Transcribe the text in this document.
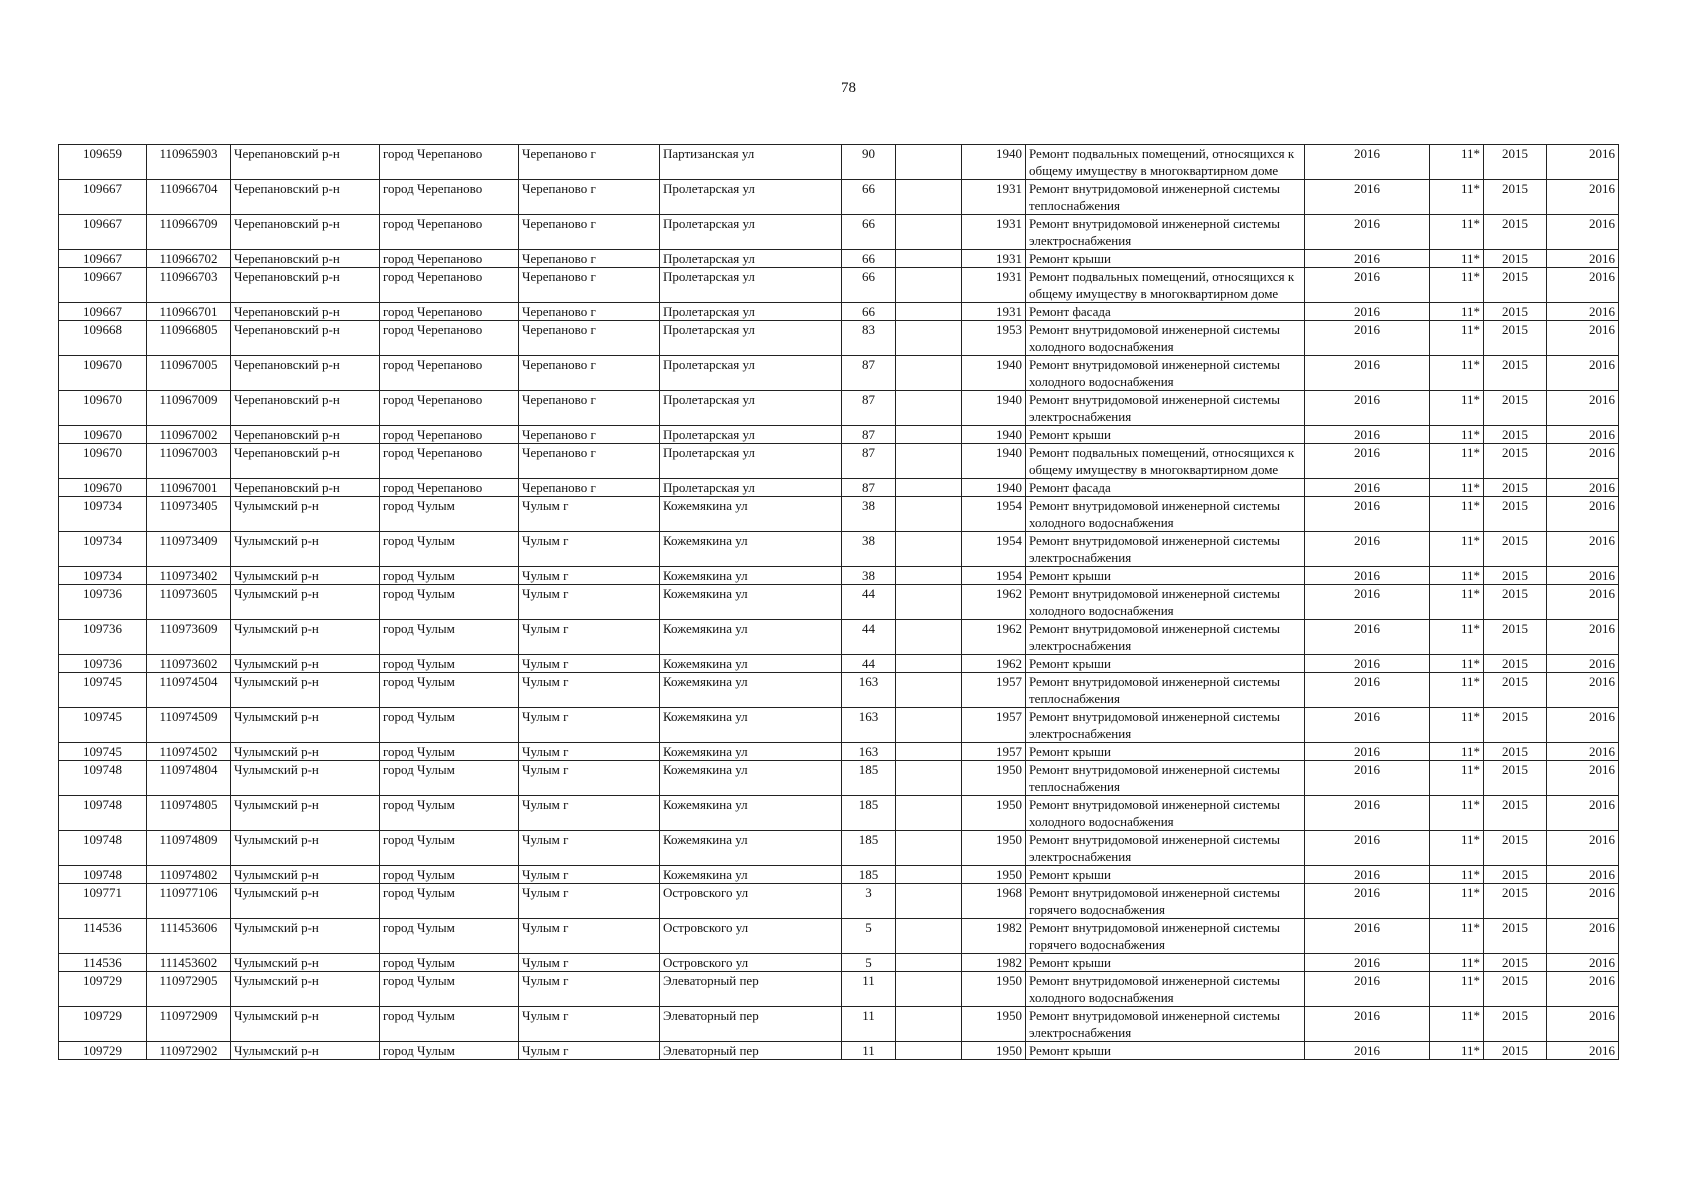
78
109659	110965903	Черепановский р-н	город Черепаново	Черепаново г	Партизанская ул	90		1940	Ремонт подвальных помещений, относящихся к общему имуществу в многоквартирном доме	2016	11*	2015	2016
109667	110966704	Черепановский р-н	город Черепаново	Черепаново г	Пролетарская ул	66		1931	Ремонт внутридомовой инженерной системы теплоснабжения	2016	11*	2015	2016
109667	110966709	Черепановский р-н	город Черепаново	Черепаново г	Пролетарская ул	66		1931	Ремонт внутридомовой инженерной системы электроснабжения	2016	11*	2015	2016
109667	110966702	Черепановский р-н	город Черепаново	Черепаново г	Пролетарская ул	66		1931	Ремонт крыши	2016	11*	2015	2016
109667	110966703	Черепановский р-н	город Черепаново	Черепаново г	Пролетарская ул	66		1931	Ремонт подвальных помещений, относящихся к общему имуществу в многоквартирном доме	2016	11*	2015	2016
109667	110966701	Черепановский р-н	город Черепаново	Черепаново г	Пролетарская ул	66		1931	Ремонт фасада	2016	11*	2015	2016
109668	110966805	Черепановский р-н	город Черепаново	Черепаново г	Пролетарская ул	83		1953	Ремонт внутридомовой инженерной системы холодного водоснабжения	2016	11*	2015	2016
109670	110967005	Черепановский р-н	город Черепаново	Черепаново г	Пролетарская ул	87		1940	Ремонт внутридомовой инженерной системы холодного водоснабжения	2016	11*	2015	2016
109670	110967009	Черепановский р-н	город Черепаново	Черепаново г	Пролетарская ул	87		1940	Ремонт внутридомовой инженерной системы электроснабжения	2016	11*	2015	2016
109670	110967002	Черепановский р-н	город Черепаново	Черепаново г	Пролетарская ул	87		1940	Ремонт крыши	2016	11*	2015	2016
109670	110967003	Черепановский р-н	город Черепаново	Черепаново г	Пролетарская ул	87		1940	Ремонт подвальных помещений, относящихся к общему имуществу в многоквартирном доме	2016	11*	2015	2016
109670	110967001	Черепановский р-н	город Черепаново	Черепаново г	Пролетарская ул	87		1940	Ремонт фасада	2016	11*	2015	2016
109734	110973405	Чулымский р-н	город Чулым	Чулым г	Кожемякина ул	38		1954	Ремонт внутридомовой инженерной системы холодного водоснабжения	2016	11*	2015	2016
109734	110973409	Чулымский р-н	город Чулым	Чулым г	Кожемякина ул	38		1954	Ремонт внутридомовой инженерной системы электроснабжения	2016	11*	2015	2016
109734	110973402	Чулымский р-н	город Чулым	Чулым г	Кожемякина ул	38		1954	Ремонт крыши	2016	11*	2015	2016
109736	110973605	Чулымский р-н	город Чулым	Чулым г	Кожемякина ул	44		1962	Ремонт внутридомовой инженерной системы холодного водоснабжения	2016	11*	2015	2016
109736	110973609	Чулымский р-н	город Чулым	Чулым г	Кожемякина ул	44		1962	Ремонт внутридомовой инженерной системы электроснабжения	2016	11*	2015	2016
109736	110973602	Чулымский р-н	город Чулым	Чулым г	Кожемякина ул	44		1962	Ремонт крыши	2016	11*	2015	2016
109745	110974504	Чулымский р-н	город Чулым	Чулым г	Кожемякина ул	163		1957	Ремонт внутридомовой инженерной системы теплоснабжения	2016	11*	2015	2016
109745	110974509	Чулымский р-н	город Чулым	Чулым г	Кожемякина ул	163		1957	Ремонт внутридомовой инженерной системы электроснабжения	2016	11*	2015	2016
109745	110974502	Чулымский р-н	город Чулым	Чулым г	Кожемякина ул	163		1957	Ремонт крыши	2016	11*	2015	2016
109748	110974804	Чулымский р-н	город Чулым	Чулым г	Кожемякина ул	185		1950	Ремонт внутридомовой инженерной системы теплоснабжения	2016	11*	2015	2016
109748	110974805	Чулымский р-н	город Чулым	Чулым г	Кожемякина ул	185		1950	Ремонт внутридомовой инженерной системы холодного водоснабжения	2016	11*	2015	2016
109748	110974809	Чулымский р-н	город Чулым	Чулым г	Кожемякина ул	185		1950	Ремонт внутридомовой инженерной системы электроснабжения	2016	11*	2015	2016
109748	110974802	Чулымский р-н	город Чулым	Чулым г	Кожемякина ул	185		1950	Ремонт крыши	2016	11*	2015	2016
109771	110977106	Чулымский р-н	город Чулым	Чулым г	Островского ул	3		1968	Ремонт внутридомовой инженерной системы горячего водоснабжения	2016	11*	2015	2016
114536	111453606	Чулымский р-н	город Чулым	Чулым г	Островского ул	5		1982	Ремонт внутридомовой инженерной системы горячего водоснабжения	2016	11*	2015	2016
114536	111453602	Чулымский р-н	город Чулым	Чулым г	Островского ул	5		1982	Ремонт крыши	2016	11*	2015	2016
109729	110972905	Чулымский р-н	город Чулым	Чулым г	Элеваторный пер	11		1950	Ремонт внутридомовой инженерной системы холодного водоснабжения	2016	11*	2015	2016
109729	110972909	Чулымский р-н	город Чулым	Чулым г	Элеваторный пер	11		1950	Ремонт внутридомовой инженерной системы электроснабжения	2016	11*	2015	2016
109729	110972902	Чулымский р-н	город Чулым	Чулым г	Элеваторный пер	11		1950	Ремонт крыши	2016	11*	2015	2016
